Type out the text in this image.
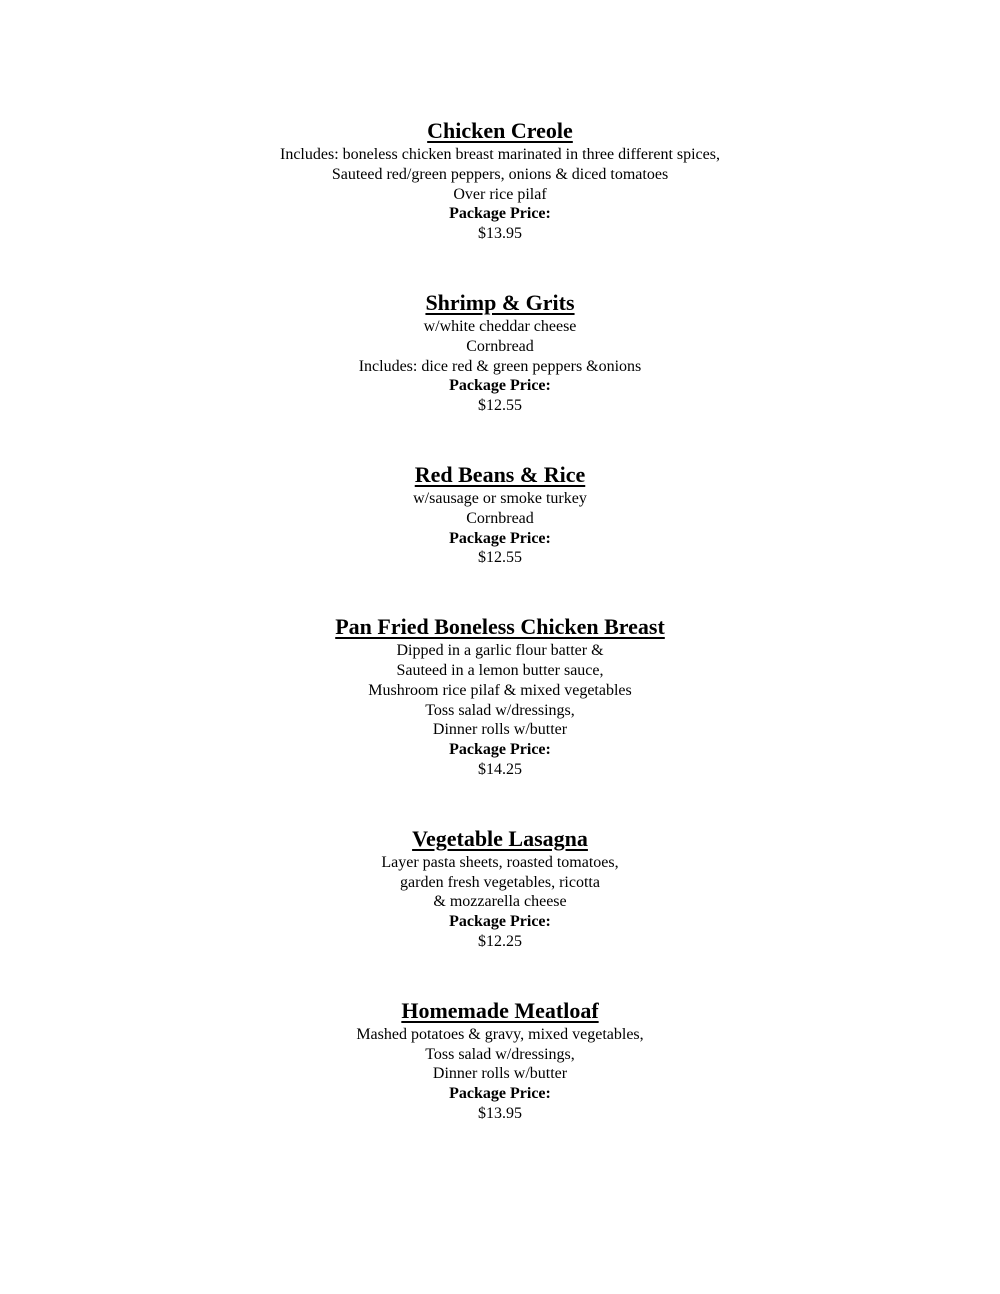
Chicken Creole

Includes: boneless chicken breast marinated in three different spices,

Sauteed red/green peppers, onions & diced tomatoes

Over rice pilaf

Package Price:

$13.95

Shrimp & Grits

w/white cheddar cheese

Cornbread

Includes: dice red & green peppers &onions

Package Price:

$12.55

Red Beans & Rice

w/sausage or smoke turkey

Cornbread

Package Price:

$12.55

Pan Fried Boneless Chicken Breast

Dipped in a garlic flour batter &

Sauteed in a lemon butter sauce,

Mushroom rice pilaf & mixed vegetables

Toss salad w/dressings,

Dinner rolls w/butter

Package Price:

$14.25

Vegetable Lasagna

Layer pasta sheets, roasted tomatoes,

garden fresh vegetables, ricotta

& mozzarella cheese

Package Price:

$12.25

Homemade Meatloaf

Mashed potatoes & gravy, mixed vegetables,

Toss salad w/dressings,

Dinner rolls w/butter

Package Price:

$13.95
